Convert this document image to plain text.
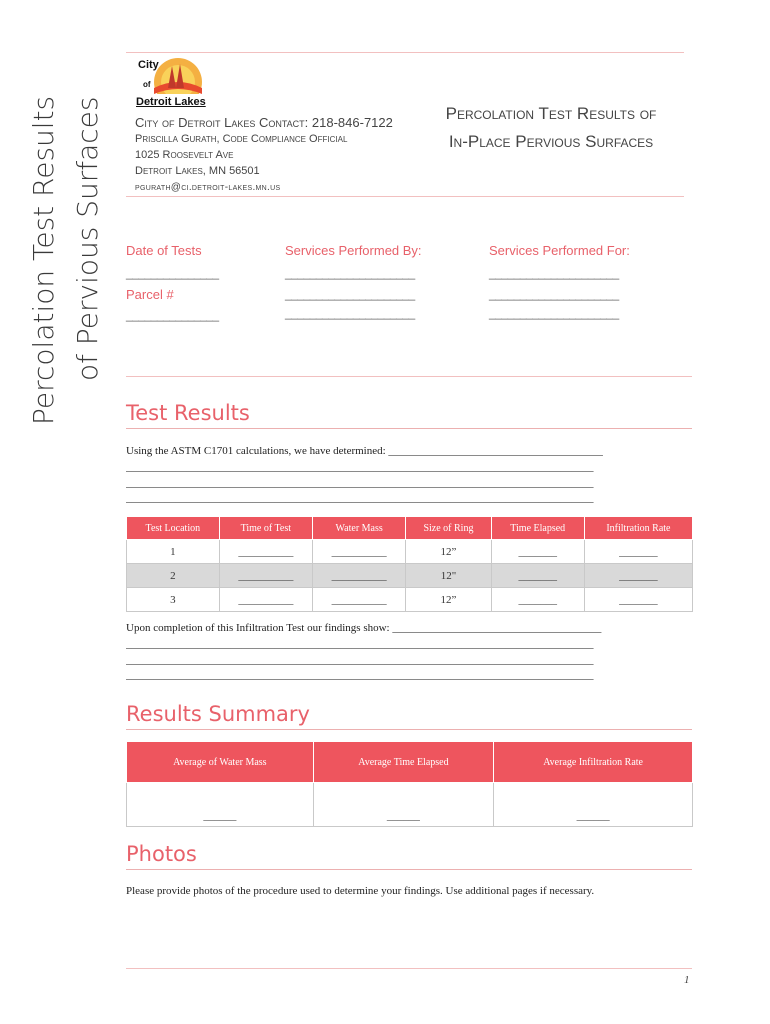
Percolation Test Results of Pervious Surfaces
City
of
Detroit Lakes
City of Detroit Lakes Contact: 218-846-7122
Priscilla Gurath, Code Compliance Official
1025 Roosevelt Ave
Detroit Lakes, MN 56501
pgurath@ci.detroit-lakes.mn.us
Percolation Test Results of
In-Place Pervious Surfaces
Date of Tests
_______________
Parcel #
_______________
Services Performed By:
_____________________
_____________________
_____________________
Services Performed For:
_____________________
_____________________
_____________________
Test Results
Using the ASTM C1701 calculations, we have determined: _______________________________________
_____________________________________________________________________________________
_____________________________________________________________________________________
_____________________________________________________________________________________
Test Location	Time of Test	Water Mass	Size of Ring	Time Elapsed	Infiltration Rate
1	__________	__________	12”	_______	_______
2	__________	__________	12"	_______	_______
3	__________	__________	12”	_______	_______
Upon completion of this Infiltration Test our findings show: ______________________________________
_____________________________________________________________________________________
_____________________________________________________________________________________
_____________________________________________________________________________________
Results Summary
Average of Water Mass	Average Time Elapsed	Average Infiltration Rate
______	______	______
Photos
Please provide photos of the procedure used to determine your findings. Use additional pages if necessary.
1
